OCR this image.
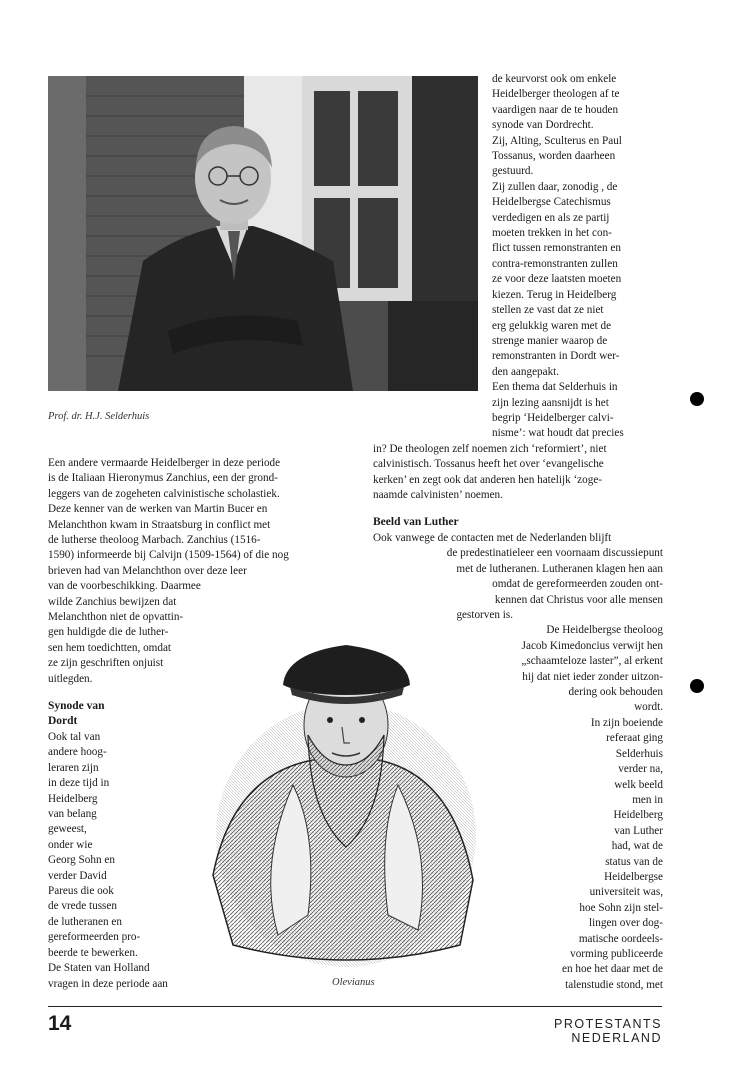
Prof. dr. H.J. Selderhuis
de keurvorst ook om enkele
Heidelberger theologen af te
vaardigen naar de te houden
synode van Dordrecht.
Zij, Alting, Sculterus en Paul
Tossanus, worden daarheen
gestuurd.
Zij zullen daar, zonodig , de
Heidelbergse Catechismus
verdedigen en als ze partij
moeten trekken in het con-
flict tussen remonstranten en
contra-remonstranten zullen
ze voor deze laatsten moeten
kiezen. Terug in Heidelberg
stellen ze vast dat ze niet
erg gelukkig waren met de
strenge manier waarop de
remonstranten in Dordt wer-
den aangepakt.
Een thema dat Selderhuis in
zijn lezing aansnijdt is het
begrip ‘Heidelberger calvi-
nisme’: wat houdt dat precies
in? De theologen zelf noemen zich ‘reformiert’, niet
calvinistisch. Tossanus heeft het over ‘evangelische
kerken’ en zegt ook dat anderen hen hatelijk ‘zoge-
naamde calvinisten’ noemen.
Beeld van Luther
Ook vanwege de contacten met de Nederlanden blijft
de predestinatieleer een voornaam discussiepunt
met de lutheranen. Lutheranen klagen hen aan
omdat de gereformeerden zouden ont-
kennen dat Christus voor alle mensen
gestorven is.
De Heidelbergse theoloog
Jacob Kimedoncius verwijt hen
„schaamteloze laster”, al erkent
hij dat niet ieder zonder uitzon-
dering ook behouden
wordt.
In zijn boeiende
referaat ging
Selderhuis
verder na,
welk beeld
men in
Heidelberg
van Luther
had, wat de
status van de
Heidelbergse
universiteit was,
hoe Sohn zijn stel-
lingen over dog-
matische oordeels-
vorming publiceerde
en hoe het daar met de
talenstudie stond, met
Een andere vermaarde Heidelberger in deze periode
is de Italiaan Hieronymus Zanchius, een der grond-
leggers van de zogeheten calvinistische scholastiek.
Deze kenner van de werken van Martin Bucer en
Melanchthon kwam in Straatsburg in conflict met
de lutherse theoloog Marbach. Zanchius (1516-
1590) informeerde bij Calvijn (1509-1564) of die nog
brieven had van Melanchthon over deze leer
van de voorbeschikking. Daarmee
wilde Zanchius bewijzen dat
Melanchthon niet de opvattin-
gen huldigde die de luther-
sen hem toedichtten, omdat
ze zijn geschriften onjuist
uitlegden.
Synode van
Dordt
Ook tal van
andere hoog-
leraren zijn
in deze tijd in
Heidelberg
van belang
geweest,
onder wie
Georg Sohn en
verder David
Pareus die ook
de vrede tussen
de lutheranen en
gereformeerden pro-
beerde te bewerken.
De Staten van Holland
vragen in deze periode aan	Olevianus
14	PROTESTANTS NEDERLAND
